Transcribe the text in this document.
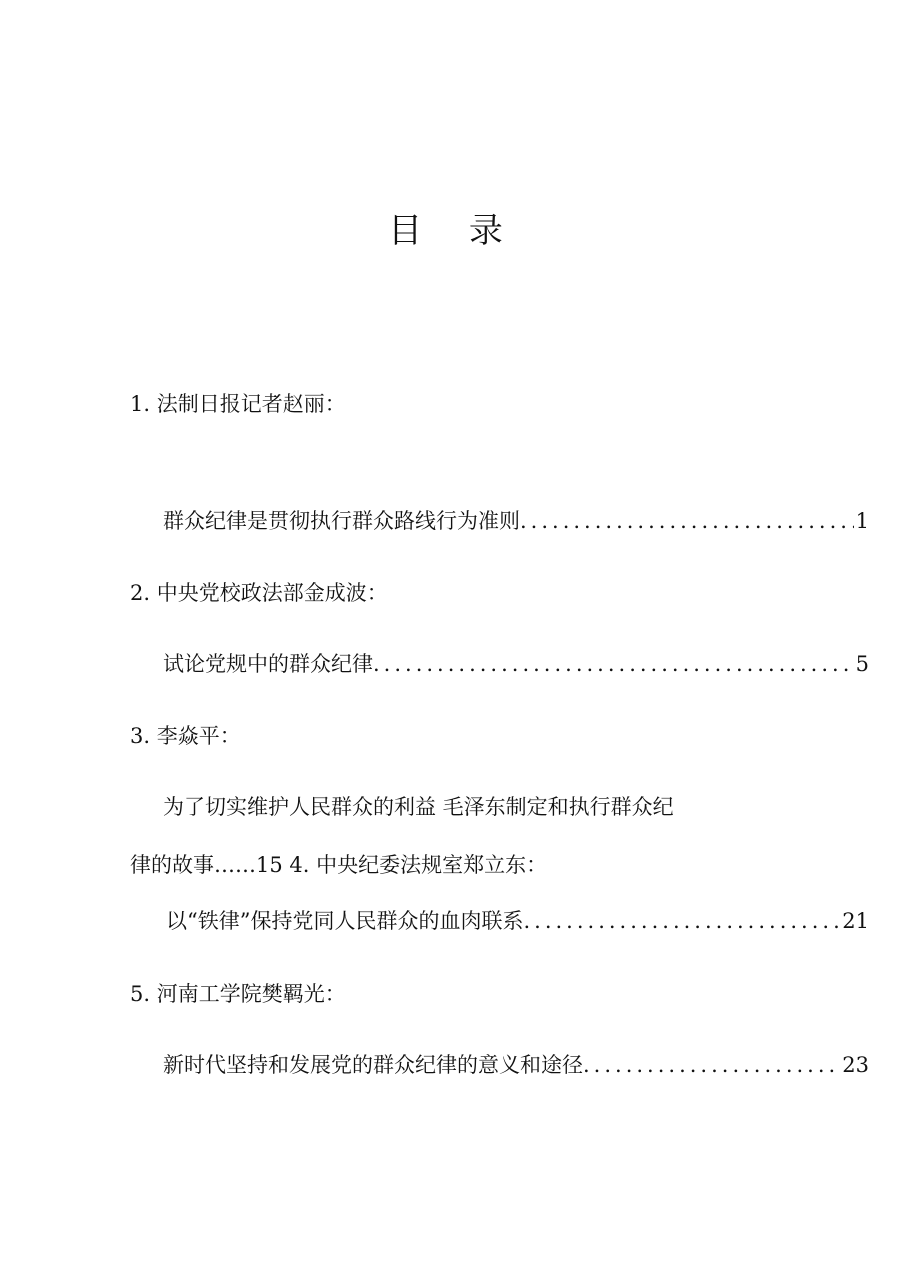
目 录
1. 法制日报记者赵丽：
群众纪律是贯彻执行群众路线行为准则 .....	1
2. 中央党校政法部金成波：
试论党规中的群众纪律 .....	5
3. 李焱平：
为了切实维护人民群众的利益 毛泽东制定和执行群众纪
律的故事……15 4. 中央纪委法规室郑立东：
以“铁律”保持党同人民群众的血肉联系 .....	21
5. 河南工学院樊羁光：
新时代坚持和发展党的群众纪律的意义和途径 .....	23
